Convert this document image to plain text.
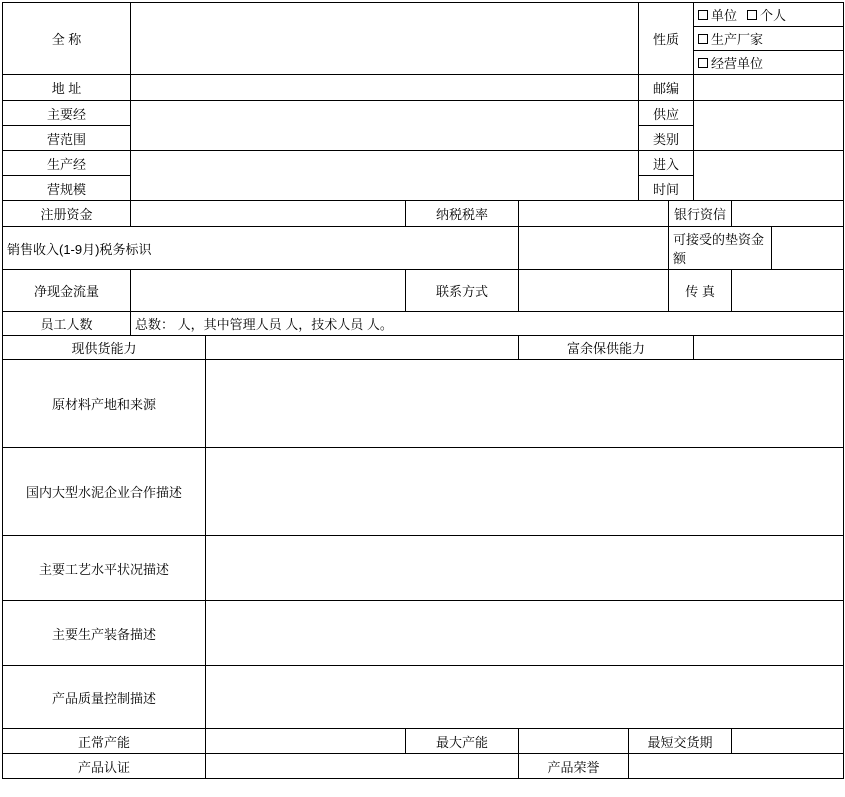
全 称						性质		单位 个人		

								生产厂家		

								经营单位		

地 址						邮编				
主要经						供应				
营范围						类别				
生产经						进入				
营规模						时间				
注册资金			纳税税率				银行资信			
销售收入(1-9月)税务标识							可接受的垫资金额			
净现金流量			联系方式				传 真			
员工人数	总数： 人，其中管理人员 人，技术人员 人。									
现供货能力				富余保供能力						
原材料产地和来源										
国内大型水泥企业合作描述										
主要工艺水平状况描述										
主要生产装备描述										
产品质量控制描述										
正常产能			最大产能		最短交货期					
产品认证				产品荣誉						
